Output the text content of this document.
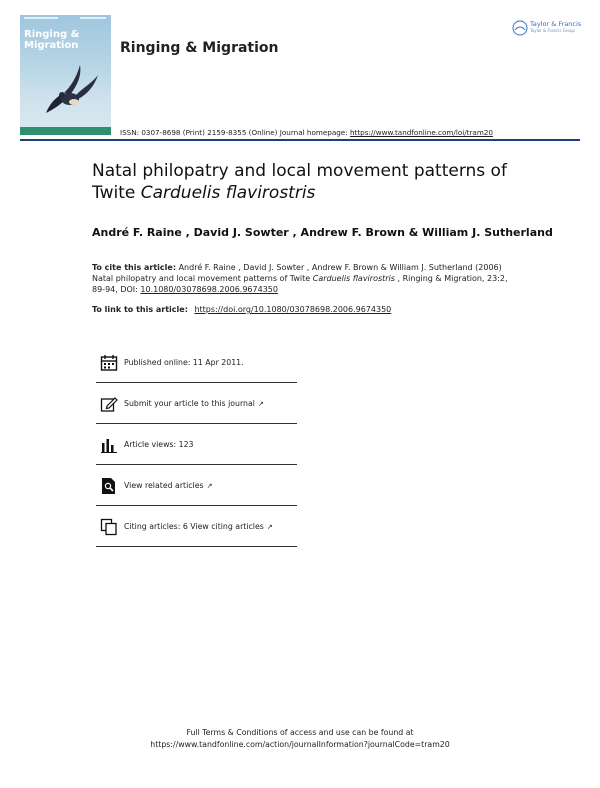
Ringing &
Migration	Ringing & Migration
Taylor & Francis
Taylor & Francis Group
ISSN: 0307-8698 (Print) 2159-8355 (Online) Journal homepage: https://www.tandfonline.com/loi/tram20
Natal philopatry and local movement patterns of Twite Carduelis flavirostris
André F. Raine , David J. Sowter , Andrew F. Brown & William J. Sutherland
To cite this article: André F. Raine , David J. Sowter , Andrew F. Brown & William J. Sutherland (2006) Natal philopatry and local movement patterns of Twite Carduelis flavirostris , Ringing & Migration, 23:2, 89-94, DOI: 10.1080/03078698.2006.9674350
To link to this article: https://doi.org/10.1080/03078698.2006.9674350
Published online: 11 Apr 2011.
Submit your article to this journal ↗
Article views: 123
View related articles ↗
Citing articles: 6 View citing articles ↗
Full Terms & Conditions of access and use can be found at
https://www.tandfonline.com/action/journalInformation?journalCode=tram20
